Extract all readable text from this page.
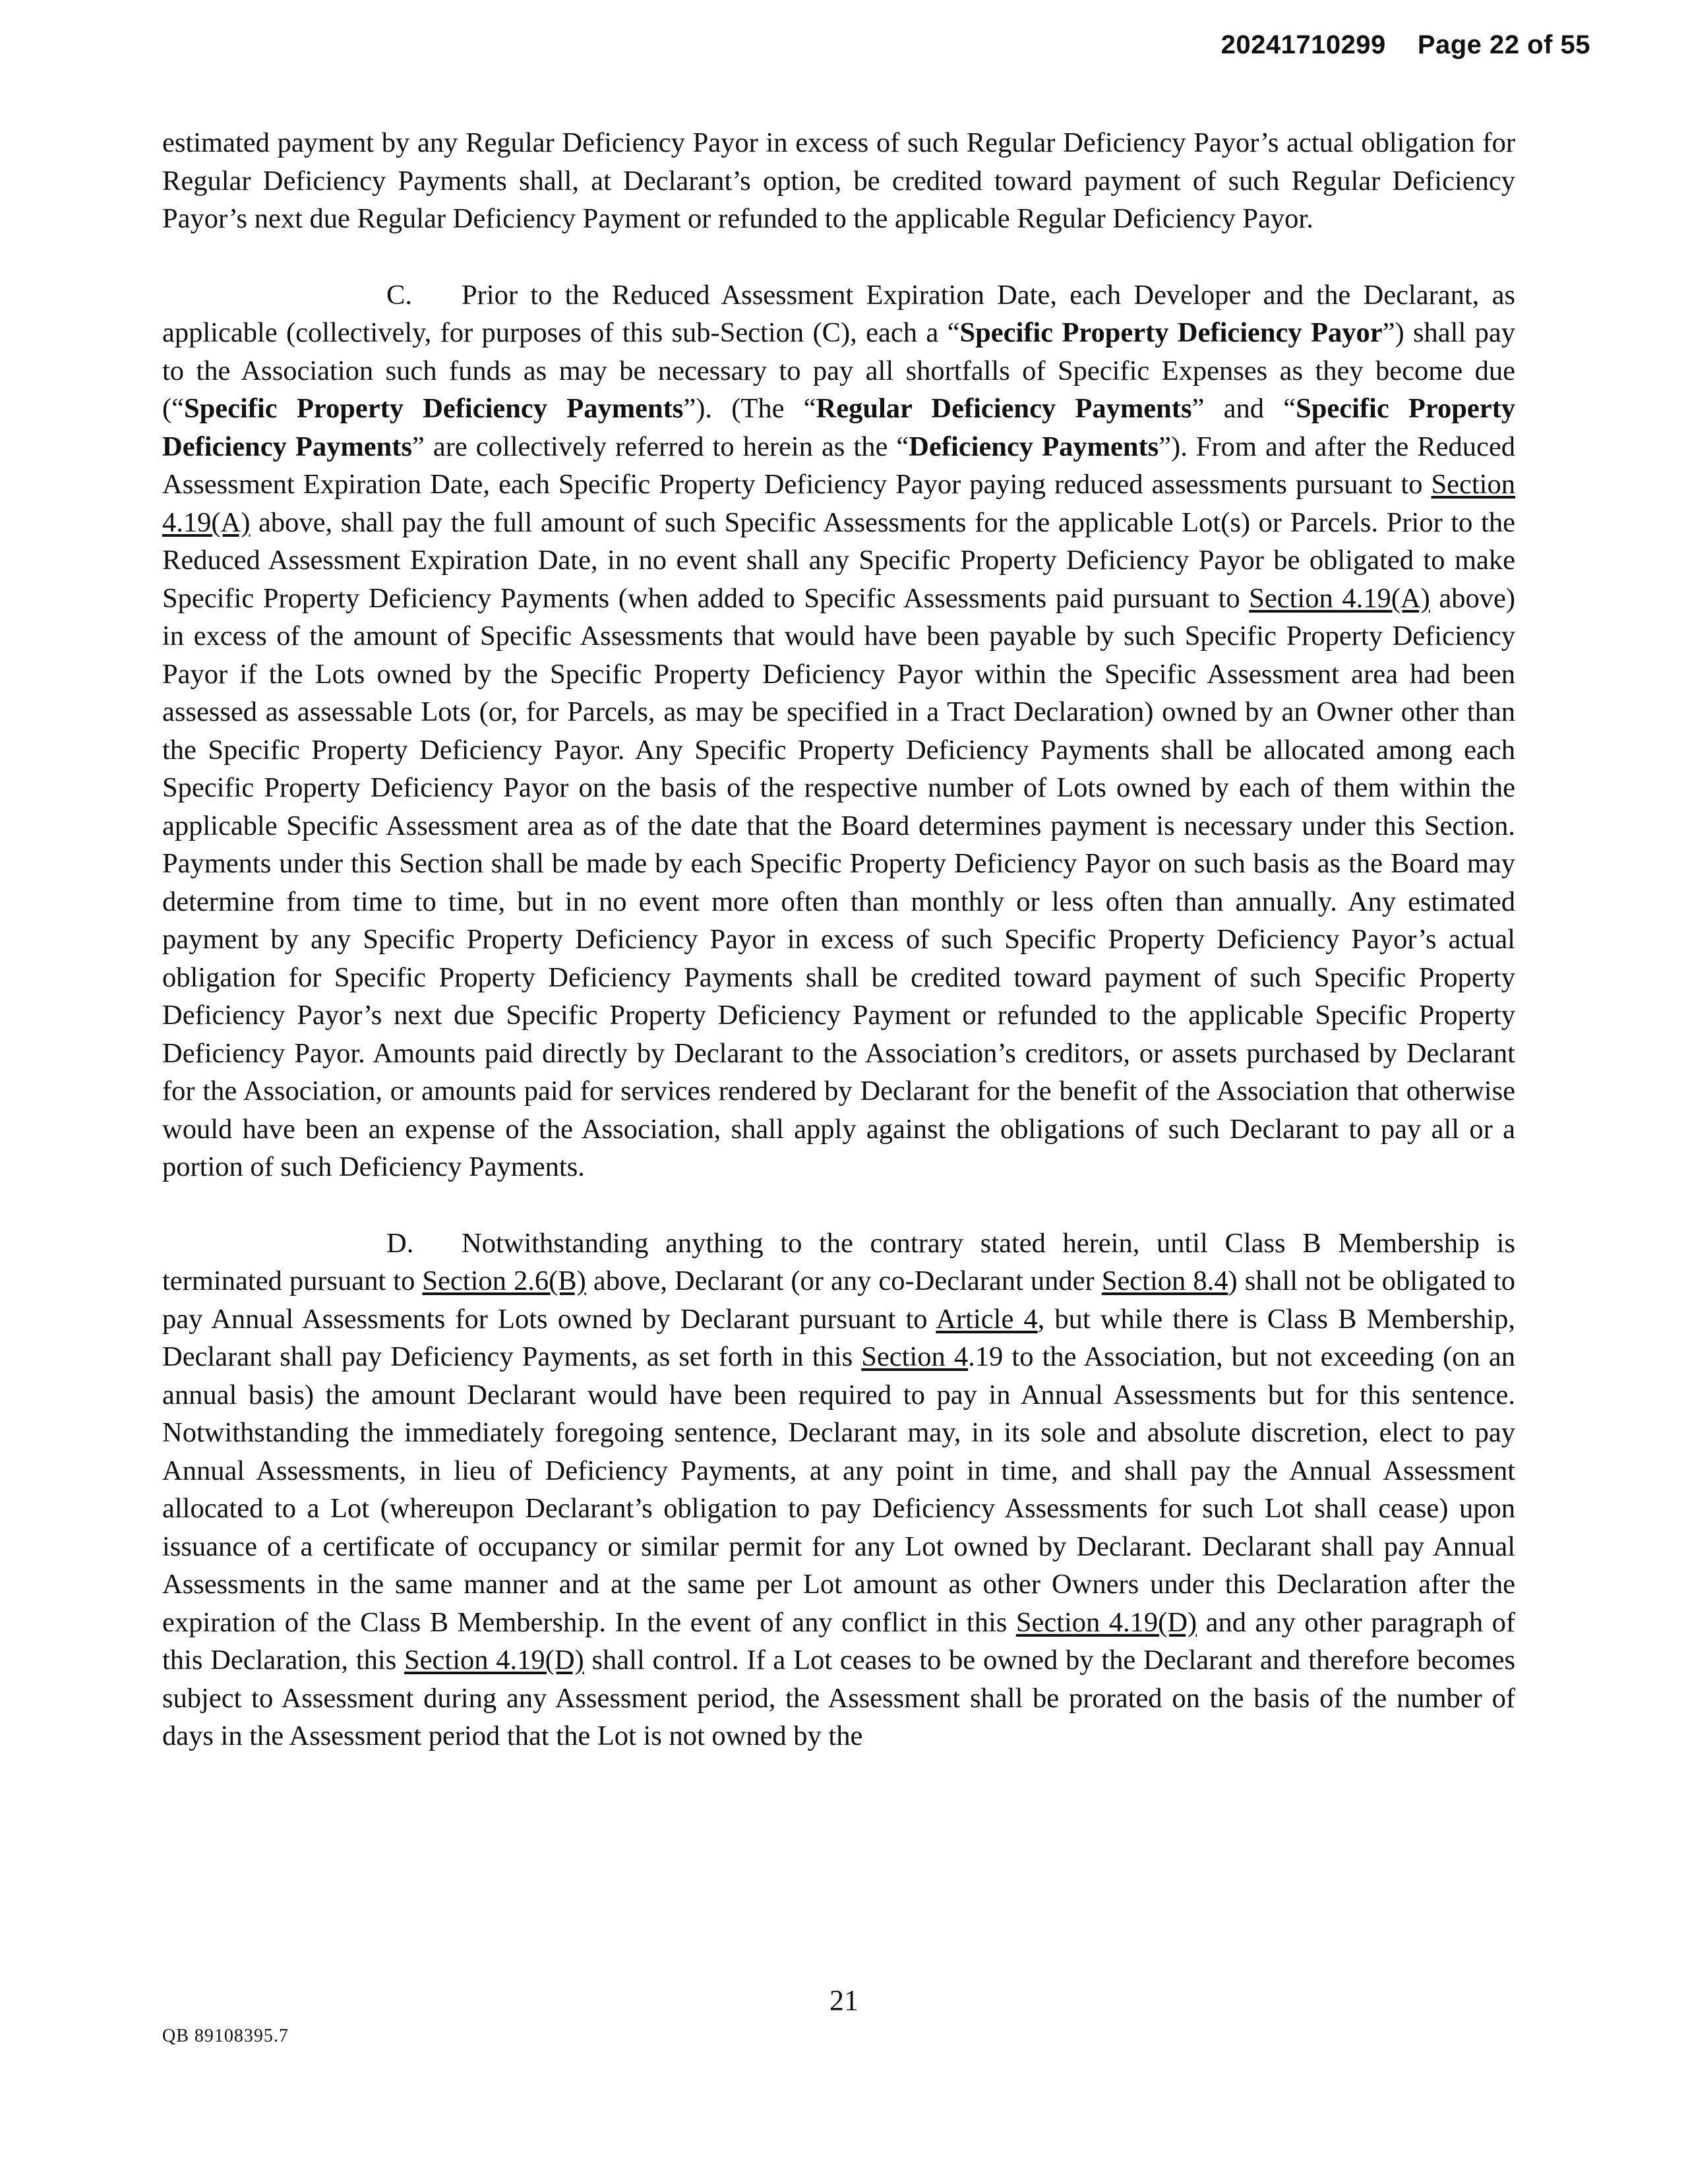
20241710299 Page 22 of 55

estimated payment by any Regular Deficiency Payor in excess of such Regular Deficiency Payor’s actual obligation for Regular Deficiency Payments shall, at Declarant’s option, be credited toward payment of such Regular Deficiency Payor’s next due Regular Deficiency Payment or refunded to the applicable Regular Deficiency Payor.

C. Prior to the Reduced Assessment Expiration Date, each Developer and the Declarant, as applicable (collectively, for purposes of this sub-Section (C), each a “Specific Property Deficiency Payor”) shall pay to the Association such funds as may be necessary to pay all shortfalls of Specific Expenses as they become due (“Specific Property Deficiency Payments”). (The “Regular Deficiency Payments” and “Specific Property Deficiency Payments” are collectively referred to herein as the “Deficiency Payments”). From and after the Reduced Assessment Expiration Date, each Specific Property Deficiency Payor paying reduced assessments pursuant to Section 4.19(A) above, shall pay the full amount of such Specific Assessments for the applicable Lot(s) or Parcels. Prior to the Reduced Assessment Expiration Date, in no event shall any Specific Property Deficiency Payor be obligated to make Specific Property Deficiency Payments (when added to Specific Assessments paid pursuant to Section 4.19(A) above) in excess of the amount of Specific Assessments that would have been payable by such Specific Property Deficiency Payor if the Lots owned by the Specific Property Deficiency Payor within the Specific Assessment area had been assessed as assessable Lots (or, for Parcels, as may be specified in a Tract Declaration) owned by an Owner other than the Specific Property Deficiency Payor. Any Specific Property Deficiency Payments shall be allocated among each Specific Property Deficiency Payor on the basis of the respective number of Lots owned by each of them within the applicable Specific Assessment area as of the date that the Board determines payment is necessary under this Section. Payments under this Section shall be made by each Specific Property Deficiency Payor on such basis as the Board may determine from time to time, but in no event more often than monthly or less often than annually. Any estimated payment by any Specific Property Deficiency Payor in excess of such Specific Property Deficiency Payor’s actual obligation for Specific Property Deficiency Payments shall be credited toward payment of such Specific Property Deficiency Payor’s next due Specific Property Deficiency Payment or refunded to the applicable Specific Property Deficiency Payor. Amounts paid directly by Declarant to the Association’s creditors, or assets purchased by Declarant for the Association, or amounts paid for services rendered by Declarant for the benefit of the Association that otherwise would have been an expense of the Association, shall apply against the obligations of such Declarant to pay all or a portion of such Deficiency Payments.

D. Notwithstanding anything to the contrary stated herein, until Class B Membership is terminated pursuant to Section 2.6(B) above, Declarant (or any co-Declarant under Section 8.4) shall not be obligated to pay Annual Assessments for Lots owned by Declarant pursuant to Article 4, but while there is Class B Membership, Declarant shall pay Deficiency Payments, as set forth in this Section 4.19 to the Association, but not exceeding (on an annual basis) the amount Declarant would have been required to pay in Annual Assessments but for this sentence. Notwithstanding the immediately foregoing sentence, Declarant may, in its sole and absolute discretion, elect to pay Annual Assessments, in lieu of Deficiency Payments, at any point in time, and shall pay the Annual Assessment allocated to a Lot (whereupon Declarant’s obligation to pay Deficiency Assessments for such Lot shall cease) upon issuance of a certificate of occupancy or similar permit for any Lot owned by Declarant. Declarant shall pay Annual Assessments in the same manner and at the same per Lot amount as other Owners under this Declaration after the expiration of the Class B Membership. In the event of any conflict in this Section 4.19(D) and any other paragraph of this Declaration, this Section 4.19(D) shall control. If a Lot ceases to be owned by the Declarant and therefore becomes subject to Assessment during any Assessment period, the Assessment shall be prorated on the basis of the number of days in the Assessment period that the Lot is not owned by the

21
QB 89108395.7
